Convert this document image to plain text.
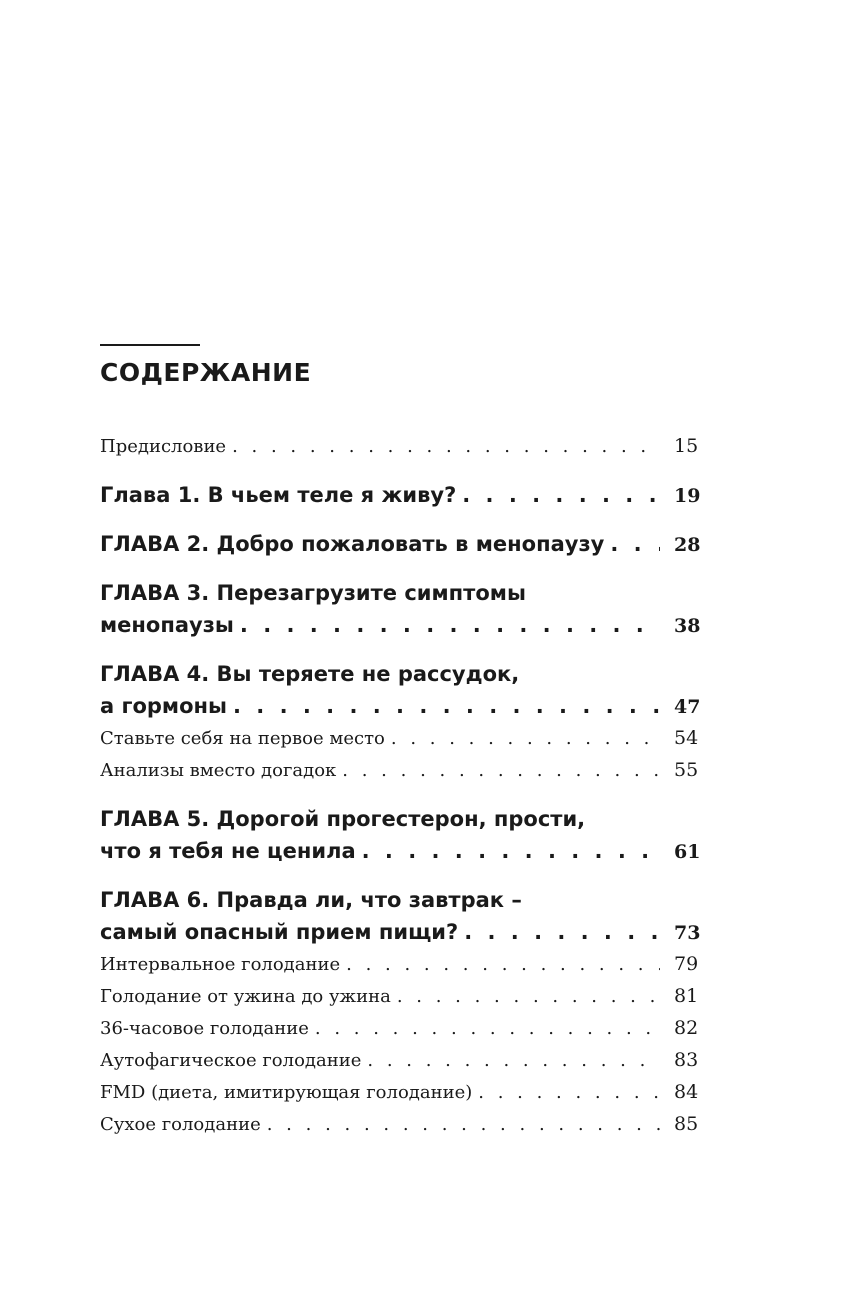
СОДЕРЖАНИЕ
Предисловие . . .	15
Глава 1. В чьем теле я живу? . . .	19
ГЛАВА 2. Добро пожаловать в менопаузу . . .	28
ГЛАВА 3. Перезагрузите симптомы
менопаузы . . .	38
ГЛАВА 4. Вы теряете не рассудок,
а гормоны . . .	47
Ставьте себя на первое место . . .	54
Анализы вместо догадок . . .	55
ГЛАВА 5. Дорогой прогестерон, прости,
что я тебя не ценила . . .	61
ГЛАВА 6. Правда ли, что завтрак –
самый опасный прием пищи? . . .	73
Интервальное голодание . . .	79
Голодание от ужина до ужина . . .	81
36-часовое голодание . . .	82
Аутофагическое голодание . . .	83
FMD (диета, имитирующая голодание) . . .	84
Сухое голодание . . .	85
